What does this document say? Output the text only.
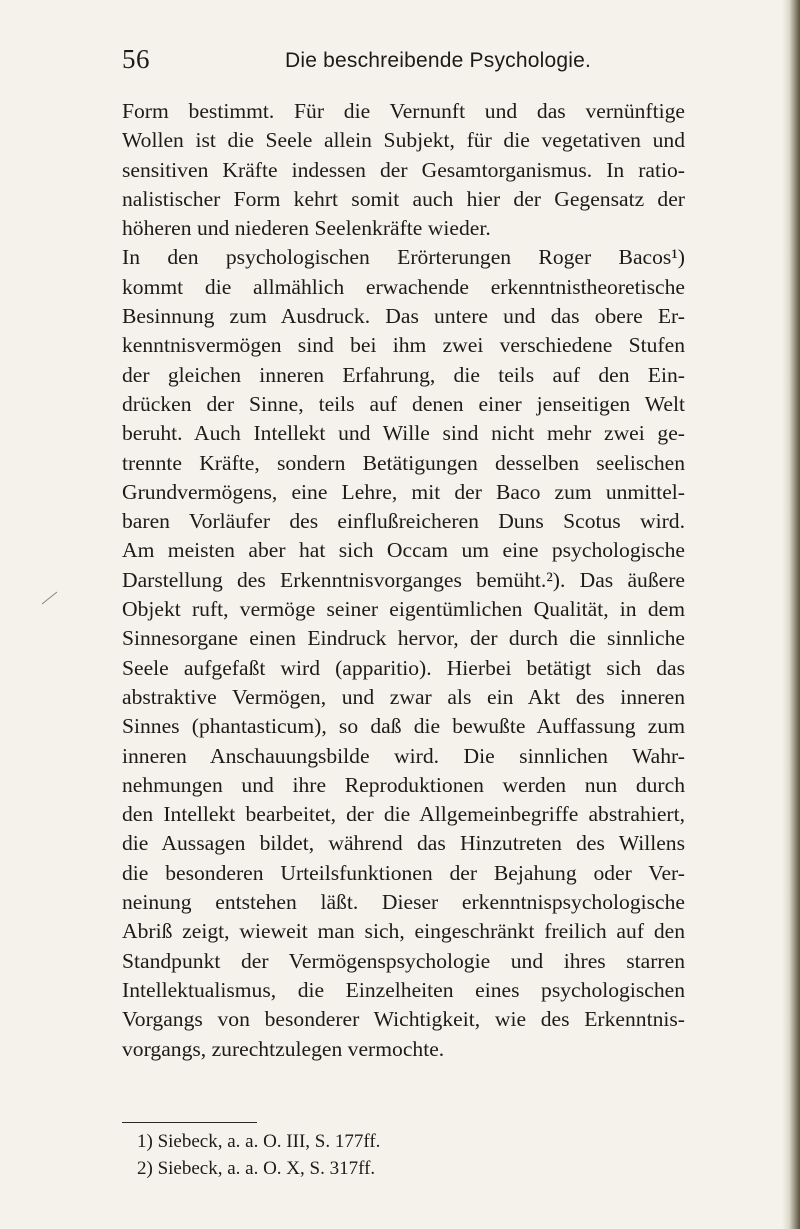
56	Die beschreibende Psychologie.
Form bestimmt. Für die Vernunft und das vernünftige
Wollen ist die Seele allein Subjekt, für die vegetativen und
sensitiven Kräfte indessen der Gesamtorganismus. In ratio-
nalistischer Form kehrt somit auch hier der Gegensatz der
höheren und niederen Seelenkräfte wieder.
In den psychologischen Erörterungen Roger Bacos¹)
kommt die allmählich erwachende erkenntnistheoretische
Besinnung zum Ausdruck. Das untere und das obere Er-
kenntnisvermögen sind bei ihm zwei verschiedene Stufen
der gleichen inneren Erfahrung, die teils auf den Ein-
drücken der Sinne, teils auf denen einer jenseitigen Welt
beruht. Auch Intellekt und Wille sind nicht mehr zwei ge-
trennte Kräfte, sondern Betätigungen desselben seelischen
Grundvermögens, eine Lehre, mit der Baco zum unmittel-
baren Vorläufer des einflußreicheren Duns Scotus wird.
Am meisten aber hat sich Occam um eine psychologische
Darstellung des Erkenntnisvorganges bemüht.²). Das äußere
Objekt ruft, vermöge seiner eigentümlichen Qualität, in dem
Sinnesorgane einen Eindruck hervor, der durch die sinnliche
Seele aufgefaßt wird (apparitio). Hierbei betätigt sich das
abstraktive Vermögen, und zwar als ein Akt des inneren
Sinnes (phantasticum), so daß die bewußte Auffassung zum
inneren Anschauungsbilde wird. Die sinnlichen Wahr-
nehmungen und ihre Reproduktionen werden nun durch
den Intellekt bearbeitet, der die Allgemeinbegriffe abstrahiert,
die Aussagen bildet, während das Hinzutreten des Willens
die besonderen Urteilsfunktionen der Bejahung oder Ver-
neinung entstehen läßt. Dieser erkenntnispsychologische
Abriß zeigt, wieweit man sich, eingeschränkt freilich auf den
Standpunkt der Vermögenspsychologie und ihres starren
Intellektualismus, die Einzelheiten eines psychologischen
Vorgangs von besonderer Wichtigkeit, wie des Erkenntnis-
vorgangs, zurechtzulegen vermochte.
1) Siebeck, a. a. O. III, S. 177ff.
2) Siebeck, a. a. O. X, S. 317ff.
